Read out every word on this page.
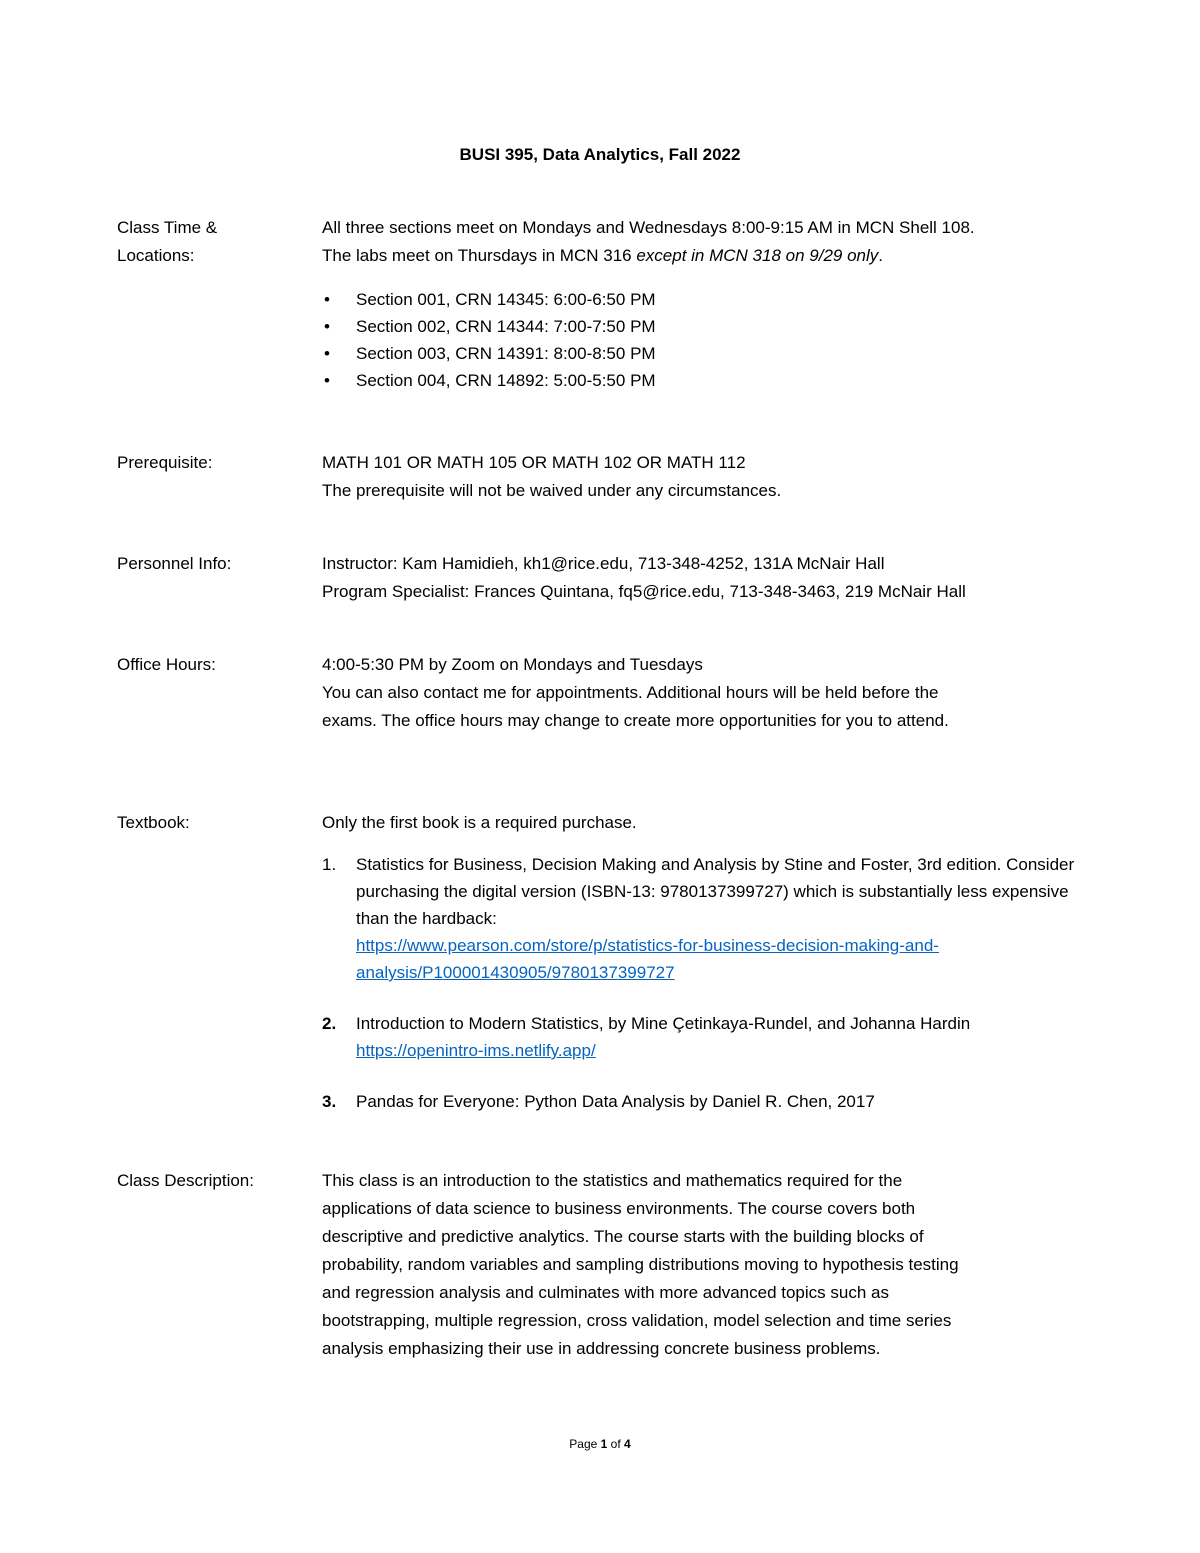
BUSI 395, Data Analytics, Fall 2022
Class Time &
Locations:
All three sections meet on Mondays and Wednesdays 8:00-9:15 AM in MCN Shell 108.
The labs meet on Thursdays in MCN 316 except in MCN 318 on 9/29 only.
• Section 001, CRN 14345: 6:00-6:50 PM
• Section 002, CRN 14344: 7:00-7:50 PM
• Section 003, CRN 14391: 8:00-8:50 PM
• Section 004, CRN 14892: 5:00-5:50 PM
Prerequisite:	MATH 101 OR MATH 105 OR MATH 102 OR MATH 112
The prerequisite will not be waived under any circumstances.
Personnel Info:	Instructor: Kam Hamidieh, kh1@rice.edu, 713-348-4252, 131A McNair Hall
Program Specialist: Frances Quintana, fq5@rice.edu, 713-348-3463, 219 McNair Hall
Office Hours:	4:00-5:30 PM by Zoom on Mondays and Tuesdays
You can also contact me for appointments. Additional hours will be held before the
exams. The office hours may change to create more opportunities for you to attend.
Textbook:	Only the first book is a required purchase.
1. Statistics for Business, Decision Making and Analysis by Stine and Foster, 3rd edition. Consider purchasing the digital version (ISBN-13: 9780137399727) which is substantially less expensive than the hardback:
https://www.pearson.com/store/p/statistics-for-business-decision-making-and-
analysis/P100001430905/9780137399727
2. Introduction to Modern Statistics, by Mine Çetinkaya-Rundel, and Johanna Hardin
https://openintro-ims.netlify.app/
3. Pandas for Everyone: Python Data Analysis by Daniel R. Chen, 2017
Class Description:	This class is an introduction to the statistics and mathematics required for the
applications of data science to business environments. The course covers both
descriptive and predictive analytics. The course starts with the building blocks of
probability, random variables and sampling distributions moving to hypothesis testing
and regression analysis and culminates with more advanced topics such as
bootstrapping, multiple regression, cross validation, model selection and time series
analysis emphasizing their use in addressing concrete business problems.
Page 1 of 4
